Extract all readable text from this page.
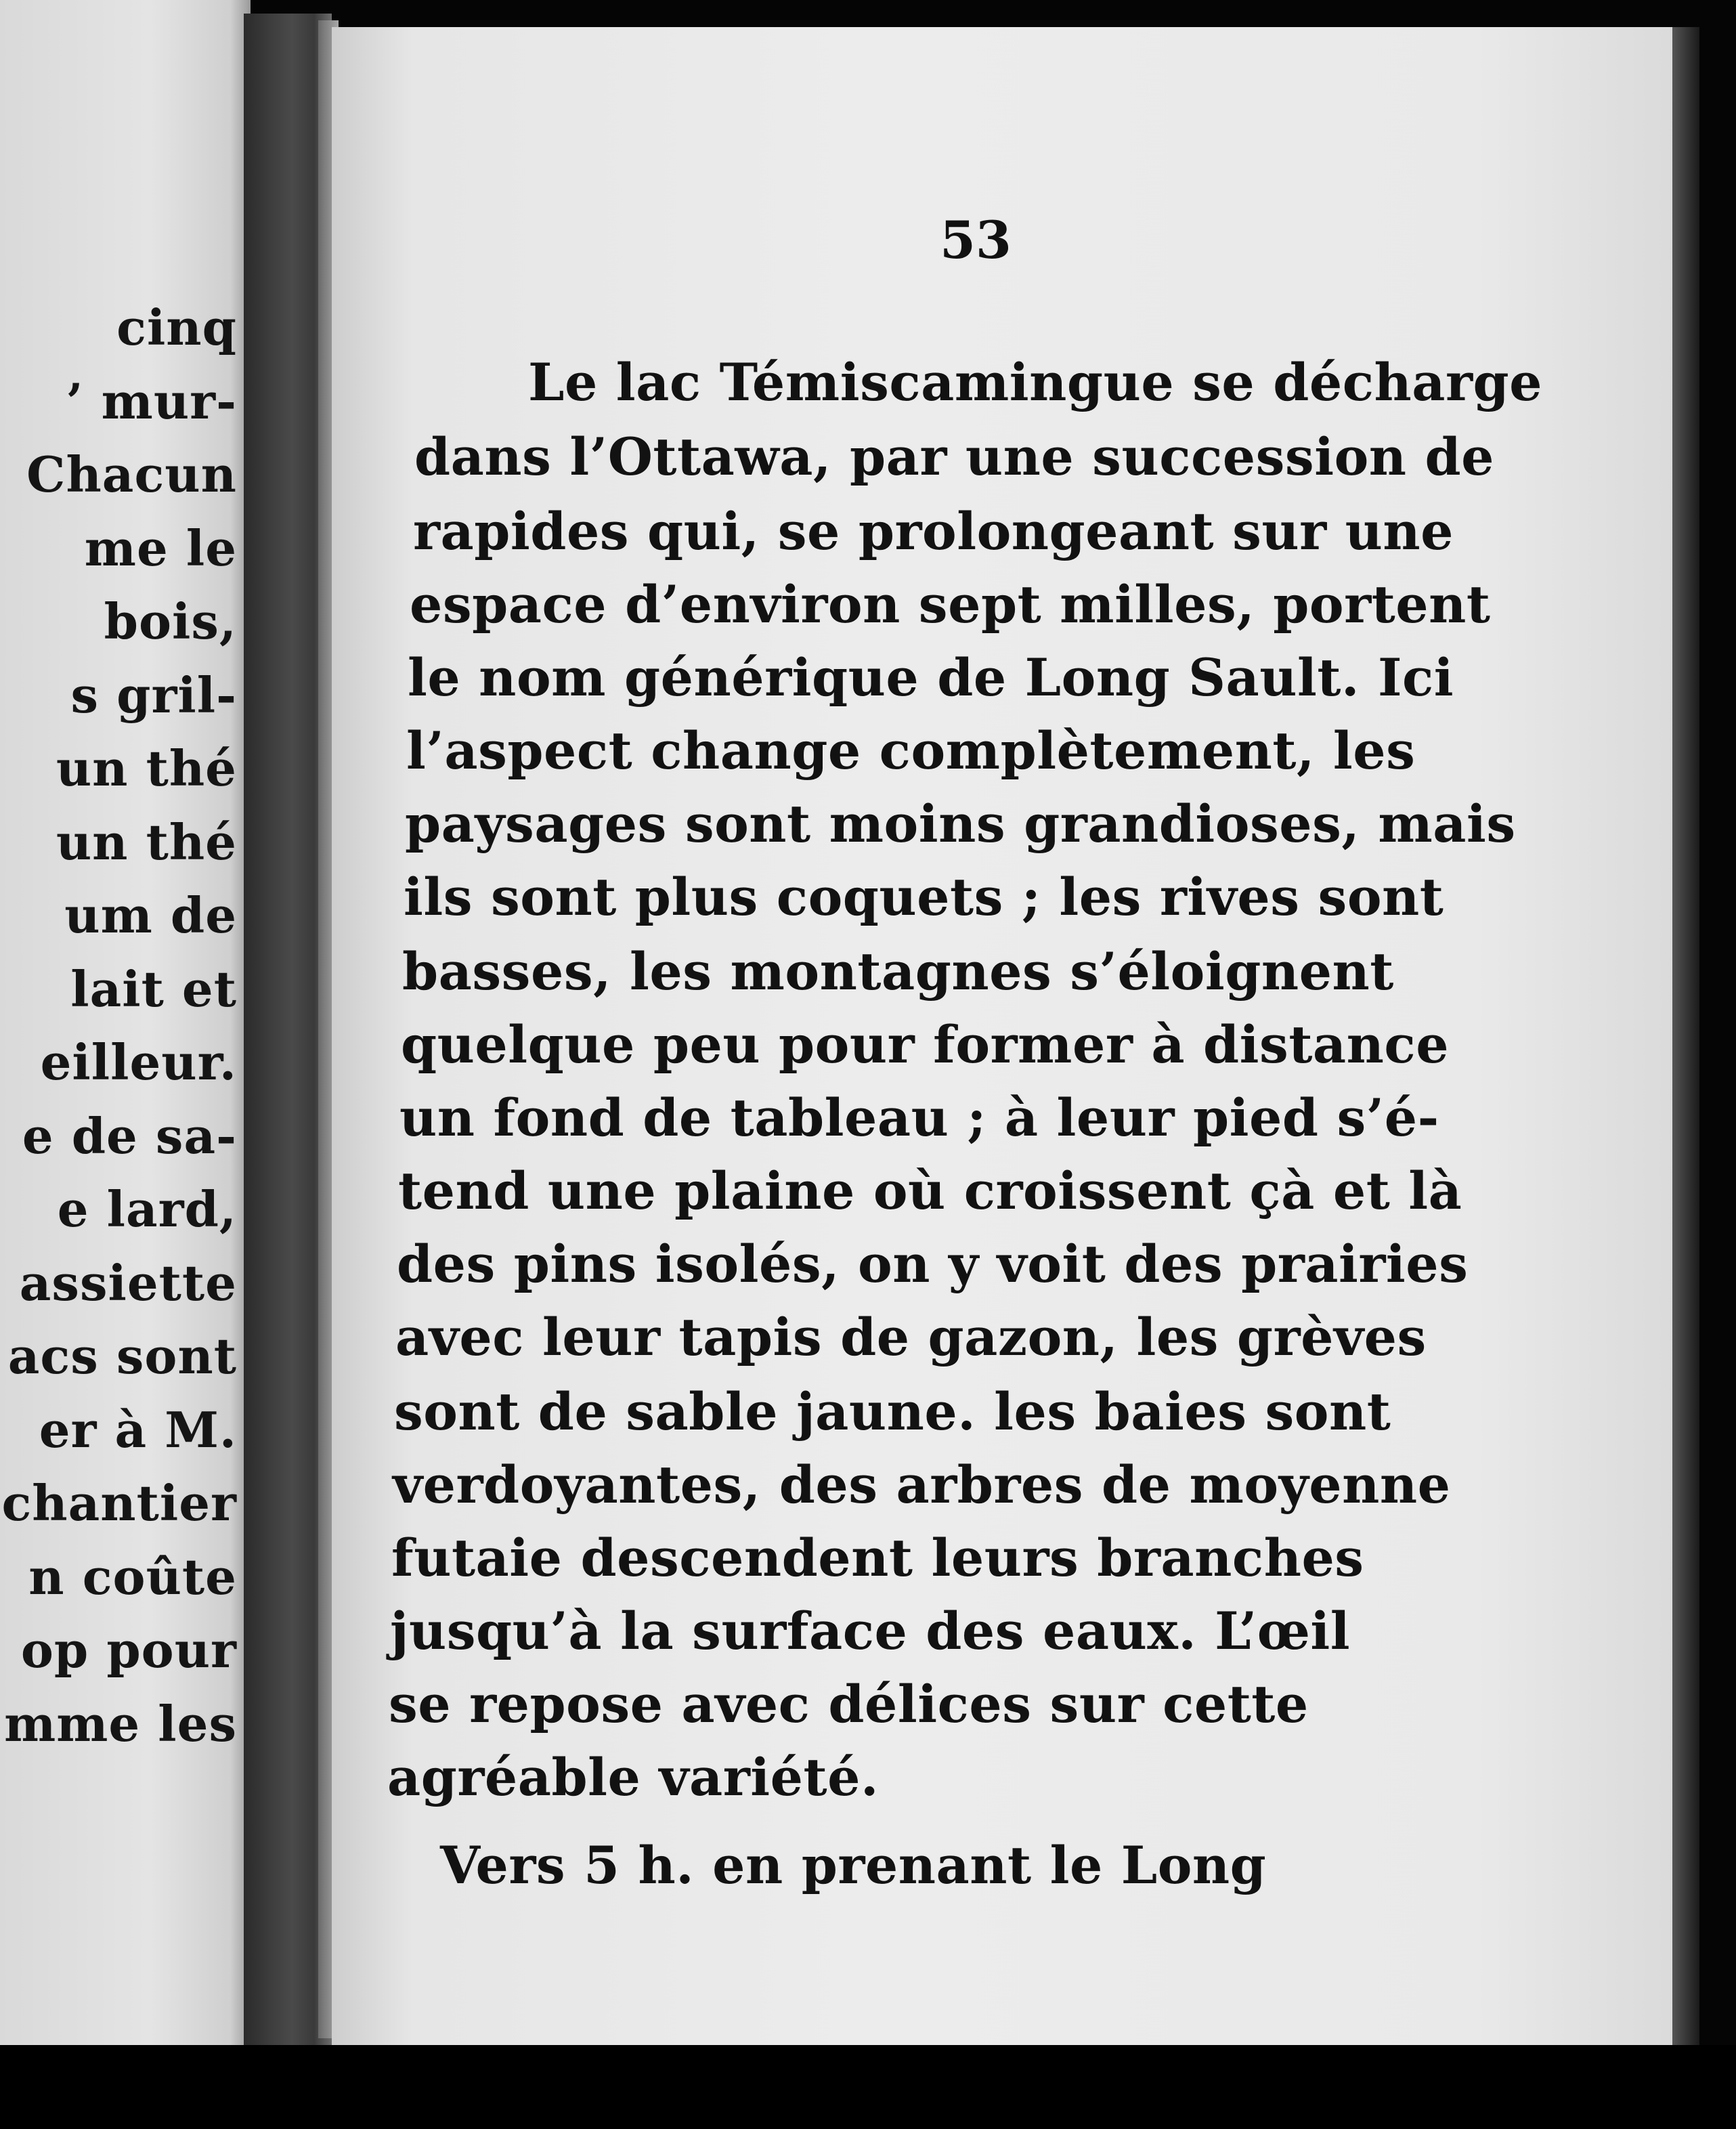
cinq
’ mur-
Chacun
me le
bois,
s gril-
un thé
un thé
um de
lait et
eilleur.
e de sa-
e lard,
assiette
acs sont
er à M.
chantier
n coûte
op pour
mme les
53
Le lac Témiscamingue se décharge
dans l’Ottawa, par une succession de
rapides qui, se prolongeant sur une
espace d’environ sept milles, portent
le nom générique de Long Sault. Ici
l’aspect change complètement, les
paysages sont moins grandioses, mais
ils sont plus coquets ; les rives sont
basses, les montagnes s’éloignent
quelque peu pour former à distance
un fond de tableau ; à leur pied s’é-
tend une plaine où croissent çà et là
des pins isolés, on y voit des prairies
avec leur tapis de gazon, les grèves
sont de sable jaune. les baies sont
verdoyantes, des arbres de moyenne
futaie descendent leurs branches
jusqu’à la surface des eaux. L’œil
se repose avec délices sur cette
agréable variété.
Vers 5 h. en prenant le Long
